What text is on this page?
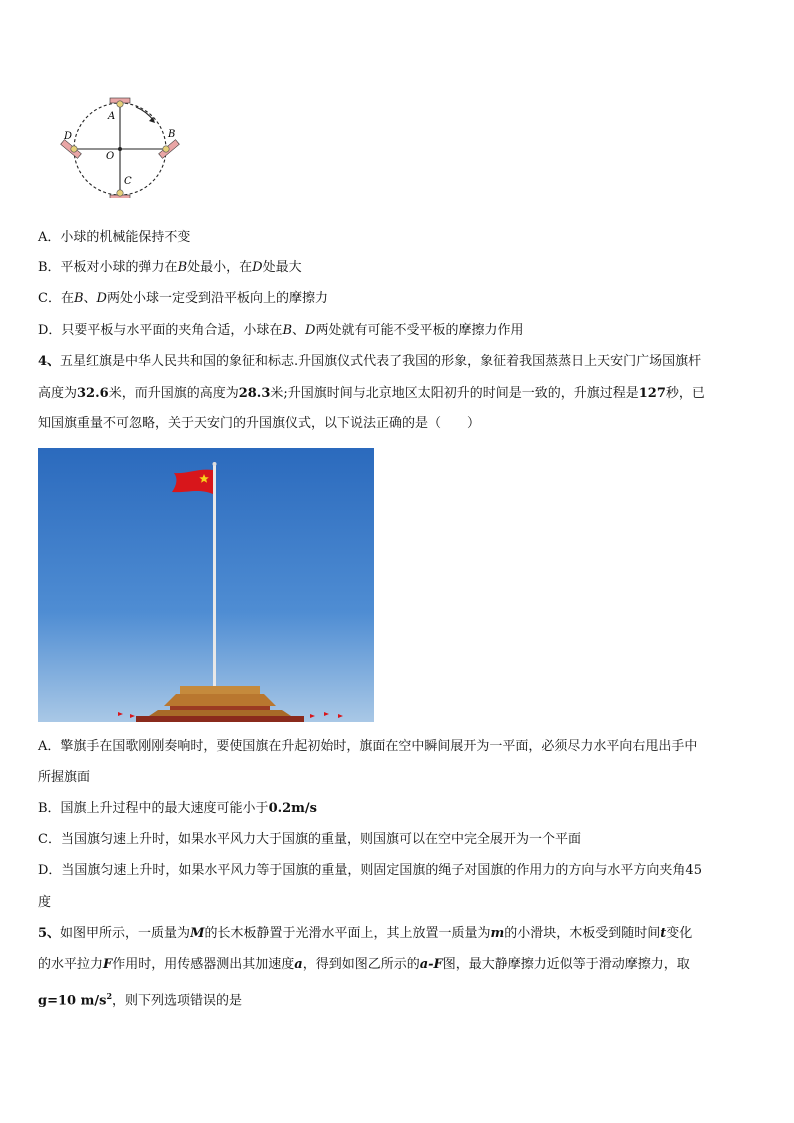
A
B
C
D
O
A．小球的机械能保持不变
B．平板对小球的弹力在B处最小，在D处最大
C．在B、D两处小球一定受到沿平板向上的摩擦力
D．只要平板与水平面的夹角合适，小球在B、D两处就有可能不受平板的摩擦力作用
4、五星红旗是中华人民共和国的象征和标志.升国旗仪式代表了我国的形象，象征着我国蒸蒸日上天安门广场国旗杆
高度为32.6米，而升国旗的高度为28.3米;升国旗时间与北京地区太阳初升的时间是一致的，升旗过程是127秒，已
知国旗重量不可忽略，关于天安门的升国旗仪式，以下说法正确的是（　　）
A．擎旗手在国歌刚刚奏响时，要使国旗在升起初始时，旗面在空中瞬间展开为一平面，必须尽力水平向右甩出手中
所握旗面
B．国旗上升过程中的最大速度可能小于0.2m/s
C．当国旗匀速上升时，如果水平风力大于国旗的重量，则国旗可以在空中完全展开为一个平面
D．当国旗匀速上升时，如果水平风力等于国旗的重量，则固定国旗的绳子对国旗的作用力的方向与水平方向夹角45
度
5、如图甲所示，一质量为M的长木板静置于光滑水平面上，其上放置一质量为m的小滑块，木板受到随时间t变化
的水平拉力F作用时，用传感器测出其加速度a，得到如图乙所示的a-F图，最大静摩擦力近似等于滑动摩擦力，取
g=10 $m/s^2$，则下列选项错误的是
